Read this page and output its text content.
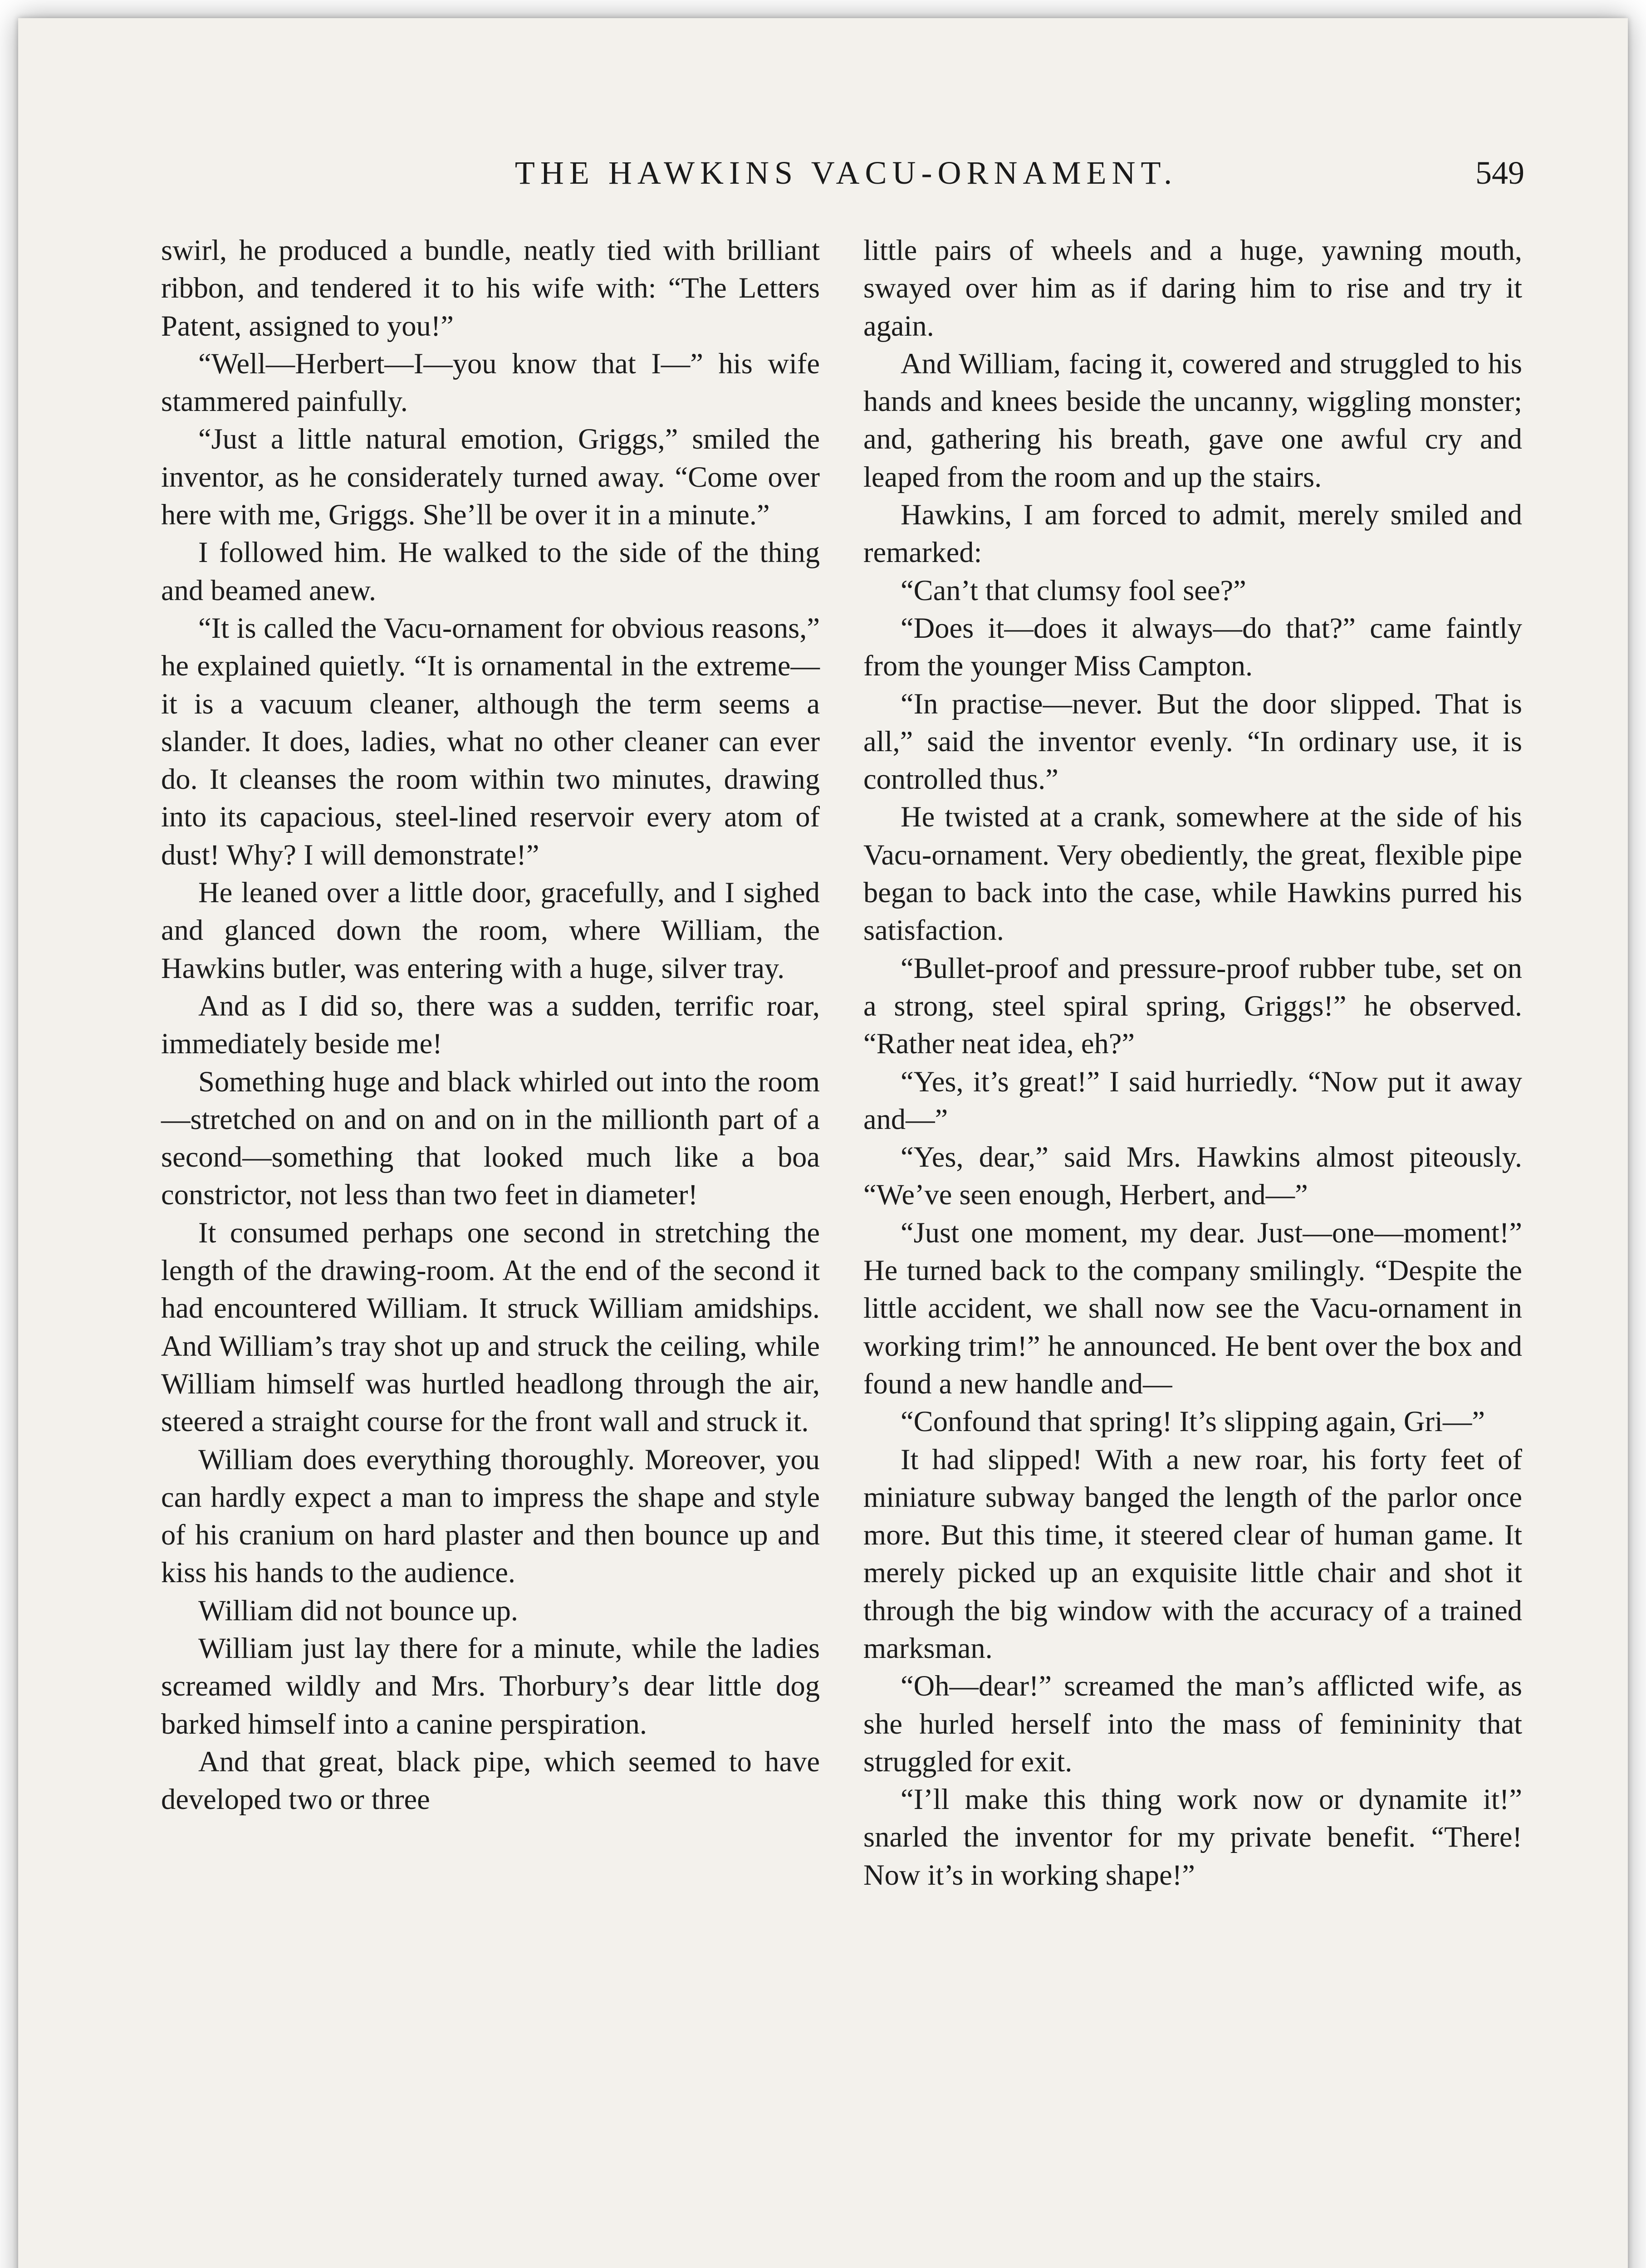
THE HAWKINS VACU-ORNAMENT.	549

swirl, he produced a bundle, neatly tied with brilliant ribbon, and tendered it to his wife with: “The Letters Patent, assigned to you!”

“Well—Herbert—I—you know that I—” his wife stammered painfully.

“Just a little natural emotion, Griggs,” smiled the inventor, as he considerately turned away. “Come over here with me, Griggs. She’ll be over it in a minute.”

I followed him. He walked to the side of the thing and beamed anew.

“It is called the Vacu-ornament for obvious reasons,” he explained quietly. “It is ornamental in the extreme—it is a vacuum cleaner, although the term seems a slander. It does, ladies, what no other cleaner can ever do. It cleanses the room within two minutes, drawing into its capacious, steel-lined reservoir every atom of dust! Why? I will demonstrate!”

He leaned over a little door, gracefully, and I sighed and glanced down the room, where William, the Hawkins butler, was entering with a huge, silver tray.

And as I did so, there was a sudden, terrific roar, immediately beside me!

Something huge and black whirled out into the room—stretched on and on and on in the millionth part of a second—something that looked much like a boa constrictor, not less than two feet in diameter!

It consumed perhaps one second in stretching the length of the drawing-room. At the end of the second it had encountered William. It struck William amidships. And William’s tray shot up and struck the ceiling, while William himself was hurtled headlong through the air, steered a straight course for the front wall and struck it.

William does everything thoroughly. Moreover, you can hardly expect a man to impress the shape and style of his cranium on hard plaster and then bounce up and kiss his hands to the audience.

William did not bounce up.

William just lay there for a minute, while the ladies screamed wildly and Mrs. Thorbury’s dear little dog barked himself into a canine perspiration.

And that great, black pipe, which seemed to have developed two or three

little pairs of wheels and a huge, yawning mouth, swayed over him as if daring him to rise and try it again.

And William, facing it, cowered and struggled to his hands and knees beside the uncanny, wiggling monster; and, gathering his breath, gave one awful cry and leaped from the room and up the stairs.

Hawkins, I am forced to admit, merely smiled and remarked:

“Can’t that clumsy fool see?”

“Does it—does it always—do that?” came faintly from the younger Miss Campton.

“In practise—never. But the door slipped. That is all,” said the inventor evenly. “In ordinary use, it is controlled thus.”

He twisted at a crank, somewhere at the side of his Vacu-ornament. Very obediently, the great, flexible pipe began to back into the case, while Hawkins purred his satisfaction.

“Bullet-proof and pressure-proof rubber tube, set on a strong, steel spiral spring, Griggs!” he observed. “Rather neat idea, eh?”

“Yes, it’s great!” I said hurriedly. “Now put it away and—”

“Yes, dear,” said Mrs. Hawkins almost piteously. “We’ve seen enough, Herbert, and—”

“Just one moment, my dear. Just—one—moment!” He turned back to the company smilingly. “Despite the little accident, we shall now see the Vacu-ornament in working trim!” he announced. He bent over the box and found a new handle and—

“Confound that spring! It’s slipping again, Gri—”

It had slipped! With a new roar, his forty feet of miniature subway banged the length of the parlor once more. But this time, it steered clear of human game. It merely picked up an exquisite little chair and shot it through the big window with the accuracy of a trained marksman.

“Oh—dear!” screamed the man’s afflicted wife, as she hurled herself into the mass of femininity that struggled for exit.

“I’ll make this thing work now or dynamite it!” snarled the inventor for my private benefit. “There! Now it’s in working shape!”
